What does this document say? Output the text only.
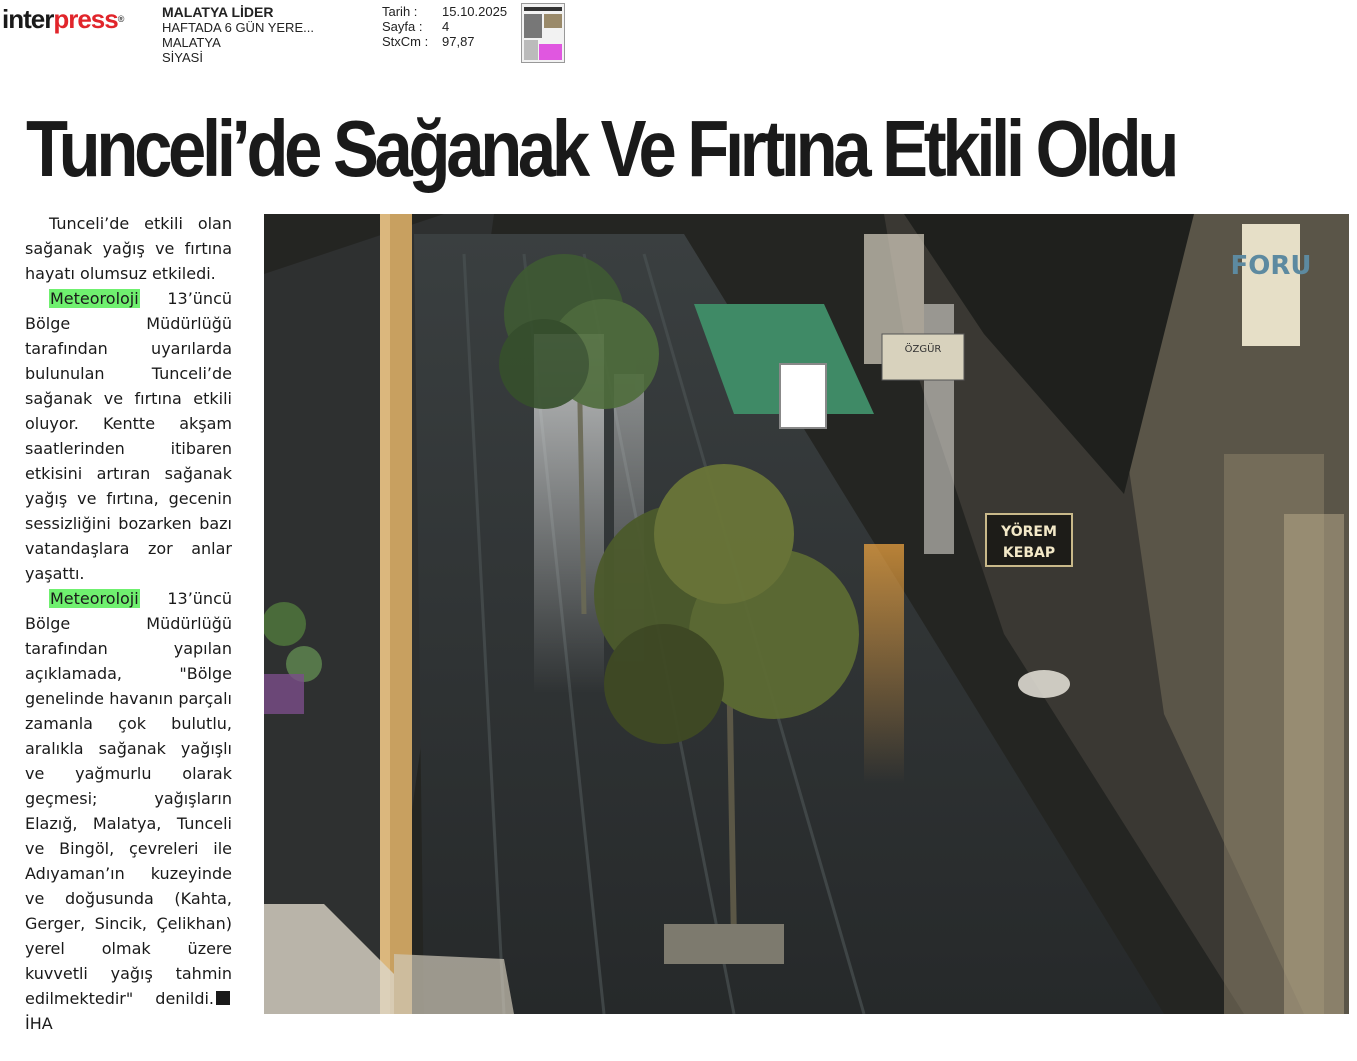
interpress®	MALATYA LİDER
HAFTADA 6 GÜN YERE...
MALATYA
SİYASİ
Tarih :	15.10.2025
Sayfa :	4
StxCm :	97,87
Tunceli’de Sağanak Ve Fırtına Etkili Oldu

Tunceli’de etkili olan sağanak yağış ve fırtına hayatı olumsuz etkiledi.

Meteoroloji 13’üncü Bölge Müdürlüğü tarafından uyarılarda bulunulan Tunceli’de sağanak ve fırtına etkili oluyor. Kentte akşam saatlerinden itibaren etkisini artıran sağanak yağış ve fırtına, gecenin sessizliğini bozarken bazı vatandaşlara zor anlar yaşattı.

Meteoroloji 13’üncü Bölge Müdürlüğü tarafından yapılan açıklamada, "Bölge genelinde havanın parçalı zamanla çok bulutlu, aralıkla sağanak yağışlı ve yağmurlu olarak geçmesi; yağışların Elazığ, Malatya, Tunceli ve Bingöl, çevreleri ile Adıyaman’ın kuzeyinde ve doğusunda (Kahta, Gerger, Sincik, Çelikhan) yerel olmak üzere kuvvetli yağış tahmin edilmektedir" denildi.İHA

YÖREM
KEBAP
FORU
ÖZGÜR
